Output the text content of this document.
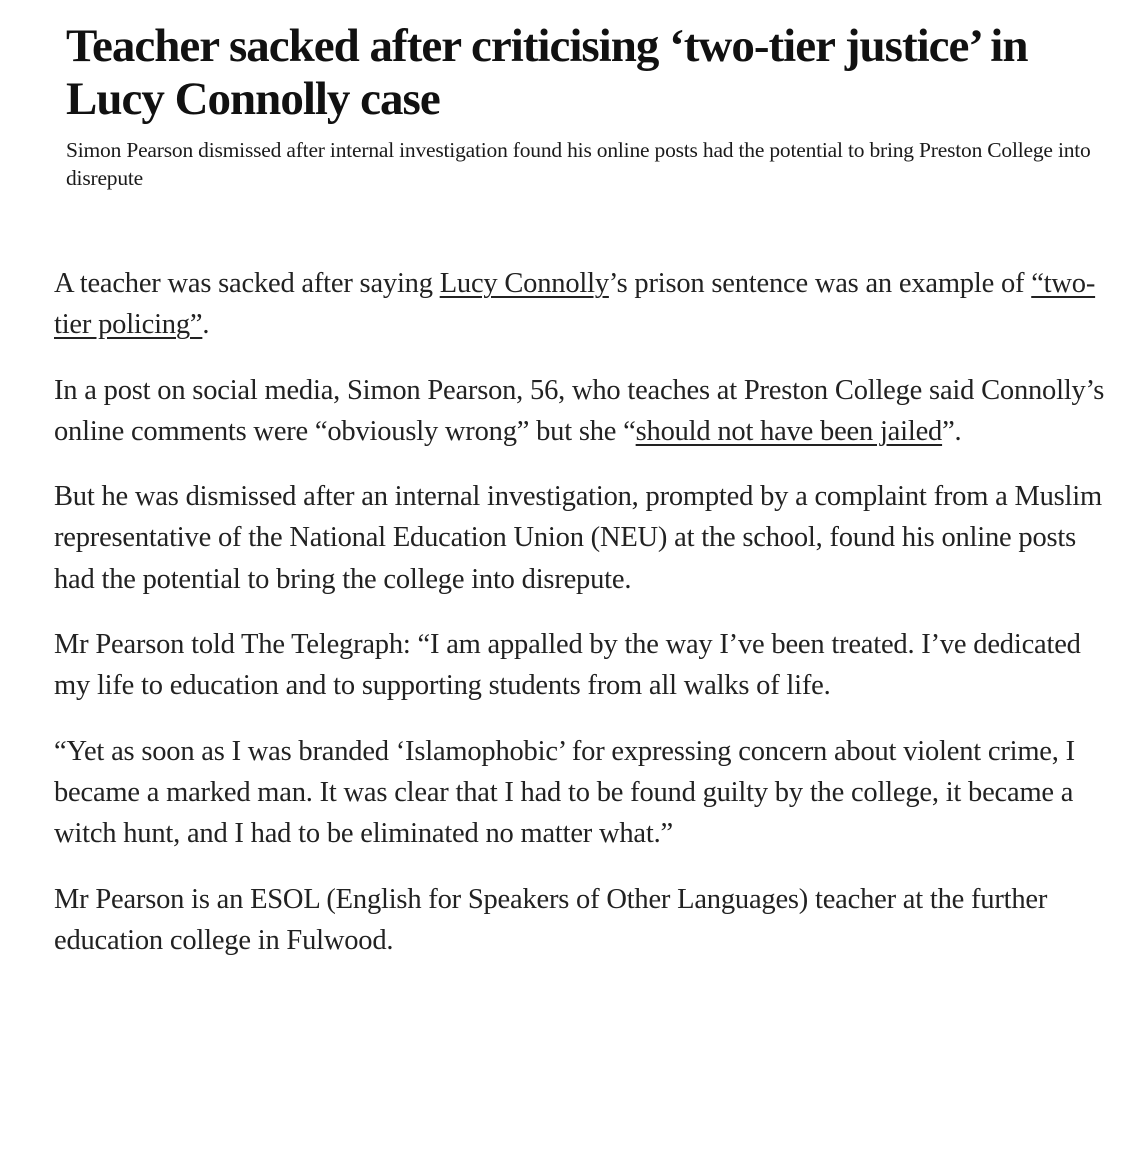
Teacher sacked after criticising ‘two-tier justice’ in Lucy Connolly case

Simon Pearson dismissed after internal investigation found his online posts had the potential to bring Preston College into disrepute

A teacher was sacked after saying Lucy Connolly’s prison sentence was an example of “two-tier policing”.

In a post on social media, Simon Pearson, 56, who teaches at Preston College said Connolly’s online comments were “obviously wrong” but she “should not have been jailed”.

But he was dismissed after an internal investigation, prompted by a complaint from a Muslim representative of the National Education Union (NEU) at the school, found his online posts had the potential to bring the college into disrepute.

Mr Pearson told The Telegraph: “I am appalled by the way I’ve been treated. I’ve dedicated my life to education and to supporting students from all walks of life.

“Yet as soon as I was branded ‘Islamophobic’ for expressing concern about violent crime, I became a marked man. It was clear that I had to be found guilty by the college, it became a witch hunt, and I had to be eliminated no matter what.”

Mr Pearson is an ESOL (English for Speakers of Other Languages) teacher at the further education college in Fulwood.
